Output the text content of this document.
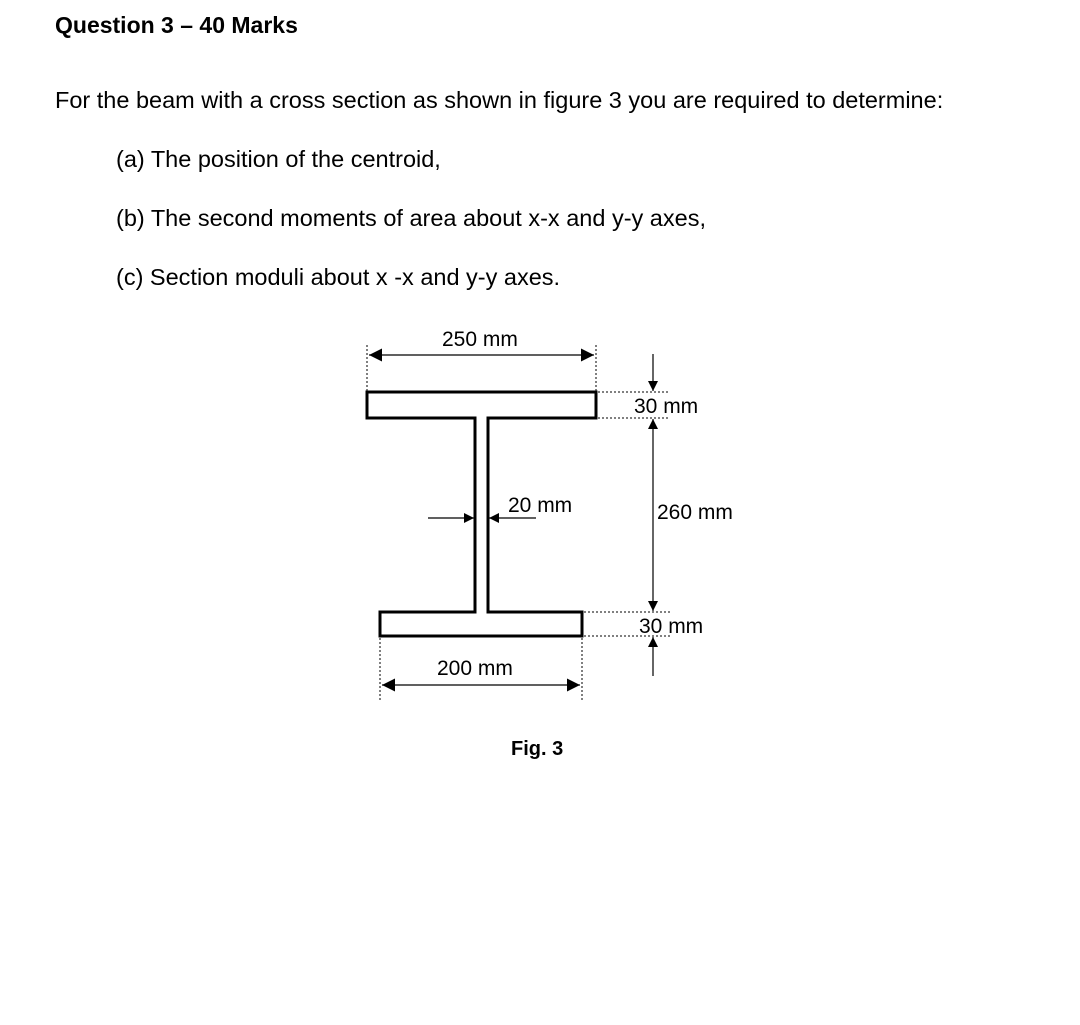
Question 3 – 40 Marks

For the beam with a cross section as shown in figure 3 you are required to determine:

(a) The position of the centroid,

(b) The second moments of area about x-x and y-y axes,

(c) Section moduli about x -x and y-y axes.

250 mm
30 mm
260 mm
30 mm
20 mm
200 mm
Fig. 3
